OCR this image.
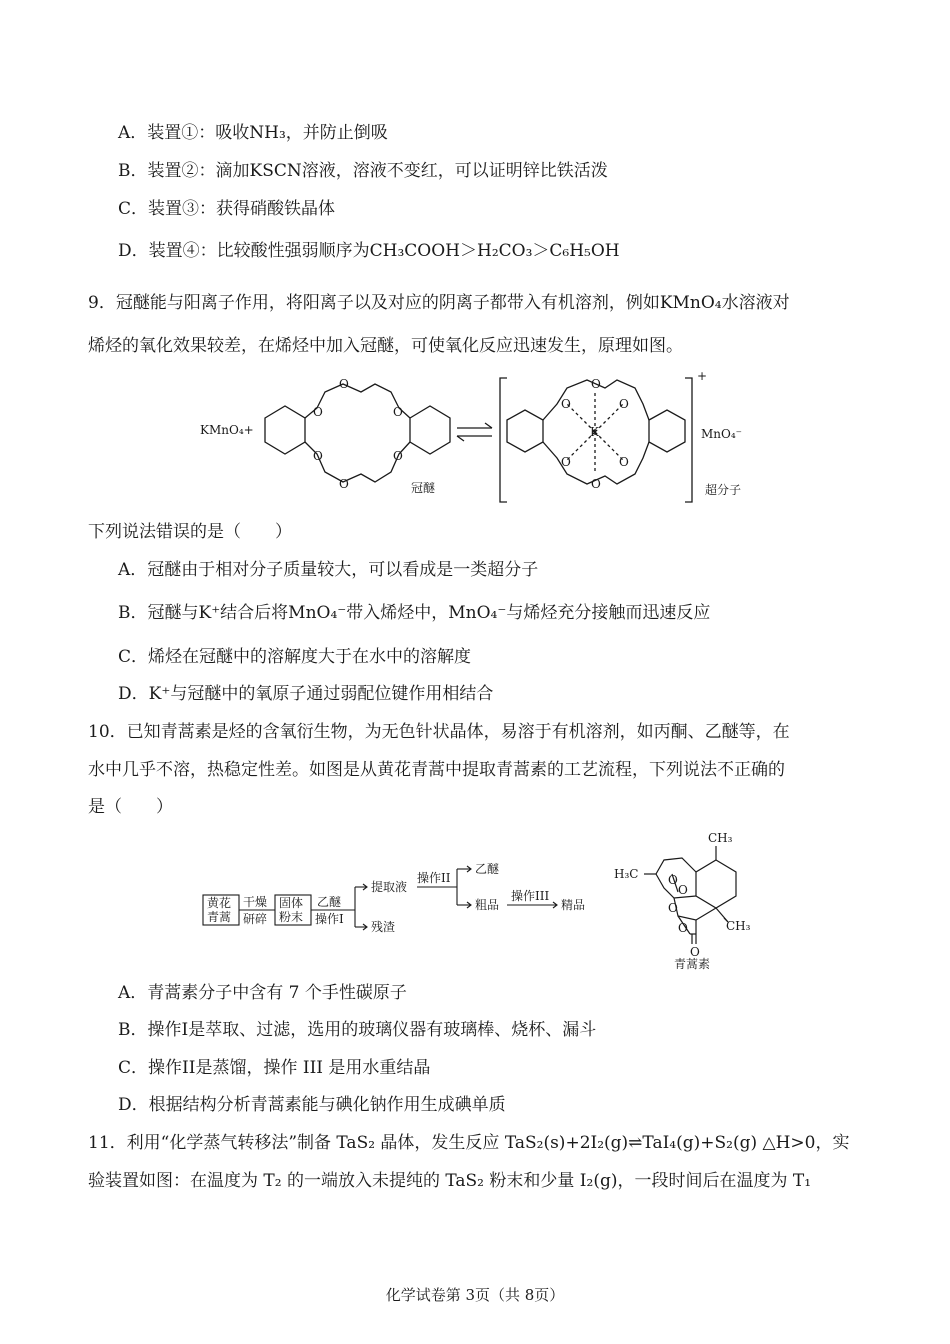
A．装置①：吸收NH₃，并防止倒吸
B．装置②：滴加KSCN溶液，溶液不变红，可以证明锌比铁活泼
C．装置③：获得硝酸铁晶体
D．装置④：比较酸性强弱顺序为CH₃COOH＞H₂CO₃＞C₆H₅OH
9．冠醚能与阳离子作用，将阳离子以及对应的阴离子都带入有机溶剂，例如KMnO₄水溶液对
烯烃的氧化效果较差，在烯烃中加入冠醚，可使氧化反应迅速发生，原理如图。
KMnO₄+
O
O	O
O	O
O	冠醚
K
O	O
O	O
O
O
+
MnO₄⁻
超分子
下列说法错误的是（　　）
A．冠醚由于相对分子质量较大，可以看成是一类超分子
B．冠醚与K⁺结合后将MnO₄⁻带入烯烃中，MnO₄⁻与烯烃充分接触而迅速反应
C．烯烃在冠醚中的溶解度大于在水中的溶解度
D．K⁺与冠醚中的氧原子通过弱配位键作用相结合
10．已知青蒿素是烃的含氧衍生物，为无色针状晶体，易溶于有机溶剂，如丙酮、乙醚等，在
水中几乎不溶，热稳定性差。如图是从黄花青蒿中提取青蒿素的工艺流程，下列说法不正确的
是（　　）
黄花
青蒿
干燥
研碎
固体
粉末
乙醚
操作I
提取液
残渣
操作II
乙醚
粗品
操作III
精品
CH₃
H₃C
CH₃
O
O
O
O
O
青蒿素
A．青蒿素分子中含有 7 个手性碳原子
B．操作I是萃取、过滤，选用的玻璃仪器有玻璃棒、烧杯、漏斗
C．操作II是蒸馏，操作 III 是用水重结晶
D．根据结构分析青蒿素能与碘化钠作用生成碘单质
11．利用“化学蒸气转移法”制备 TaS₂ 晶体，发生反应 TaS₂(s)+2I₂(g)⇌TaI₄(g)+S₂(g) △H>0，实
验装置如图：在温度为 T₂ 的一端放入未提纯的 TaS₂ 粉末和少量 I₂(g)，一段时间后在温度为 T₁
化学试卷第 3页（共 8页）
